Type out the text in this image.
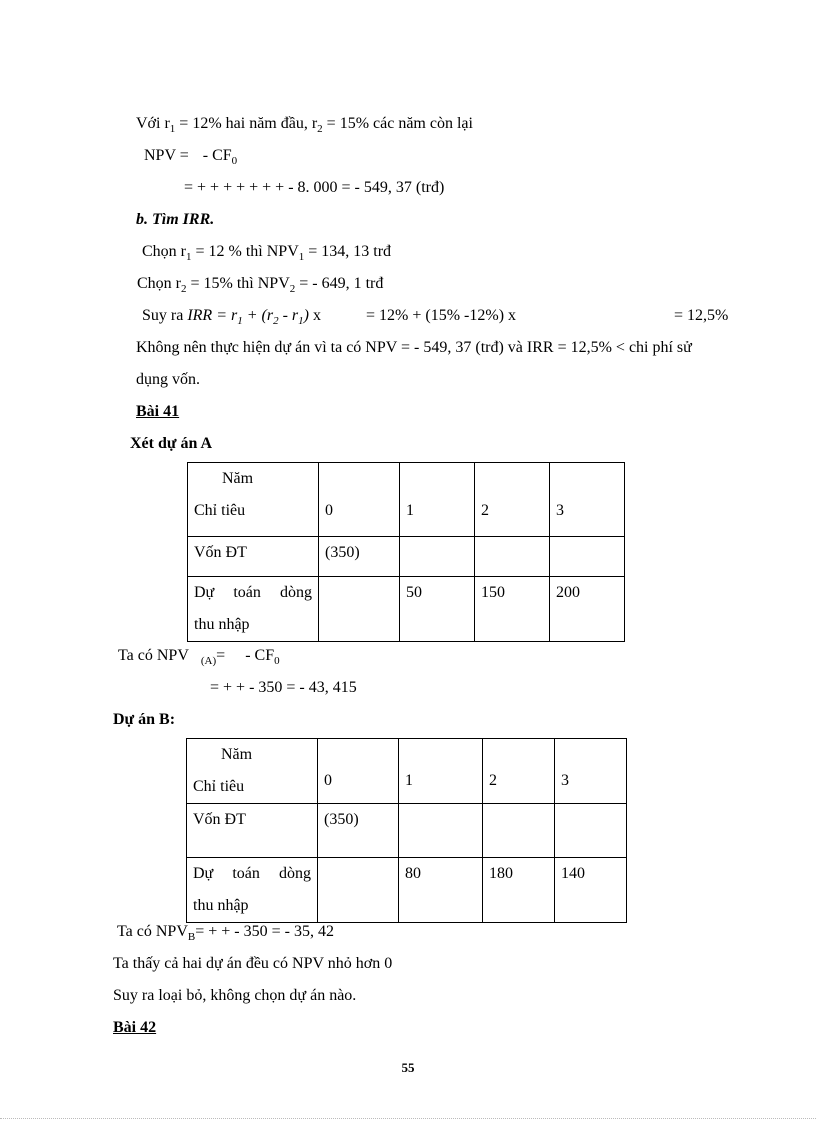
Với $r_1 = 12\%$ hai năm đầu, $r_2 = 15\%$ các năm còn lại
NPV = - $CF_0$
= + + + + + + + - 8. 000 = - 549, 37 (trđ)
b. Tìm IRR.
Chọn $r_1 = 12$ % thì $NPV_1 = 134$, 13 trđ
Chọn $r_2 = 15\%$ thì $NPV_2$ = - 649, 1 trđ
Suy ra IRR = $r_1 + (r_2 - r_1)$ x	= 12% + (15% -12%) x	= 12,5%
Không nên thực hiện dự án vì ta có NPV = - 549, 37 (trđ) và IRR = 12,5% < chi phí sử
dụng vốn.
Bài 41
Xét dự án A
Năm
Chỉ tiêu	0	1	2	3
Vốn ĐT	(350)			

Dự toán dòng
thu nhập		50	150	200
Ta có NPV $_{(A)}= - CF_0$
= + + - 350 = - 43, 415
Dự án B:
Năm
Chỉ tiêu	0	1	2	3
Vốn ĐT	(350)			

Dự toán dòng
thu nhập		80	180	140
Ta có $NPV_B=$ + + - 350 = - 35, 42
Ta thấy cả hai dự án đều có NPV nhỏ hơn 0
Suy ra loại bỏ, không chọn dự án nào.
Bài 42
55
